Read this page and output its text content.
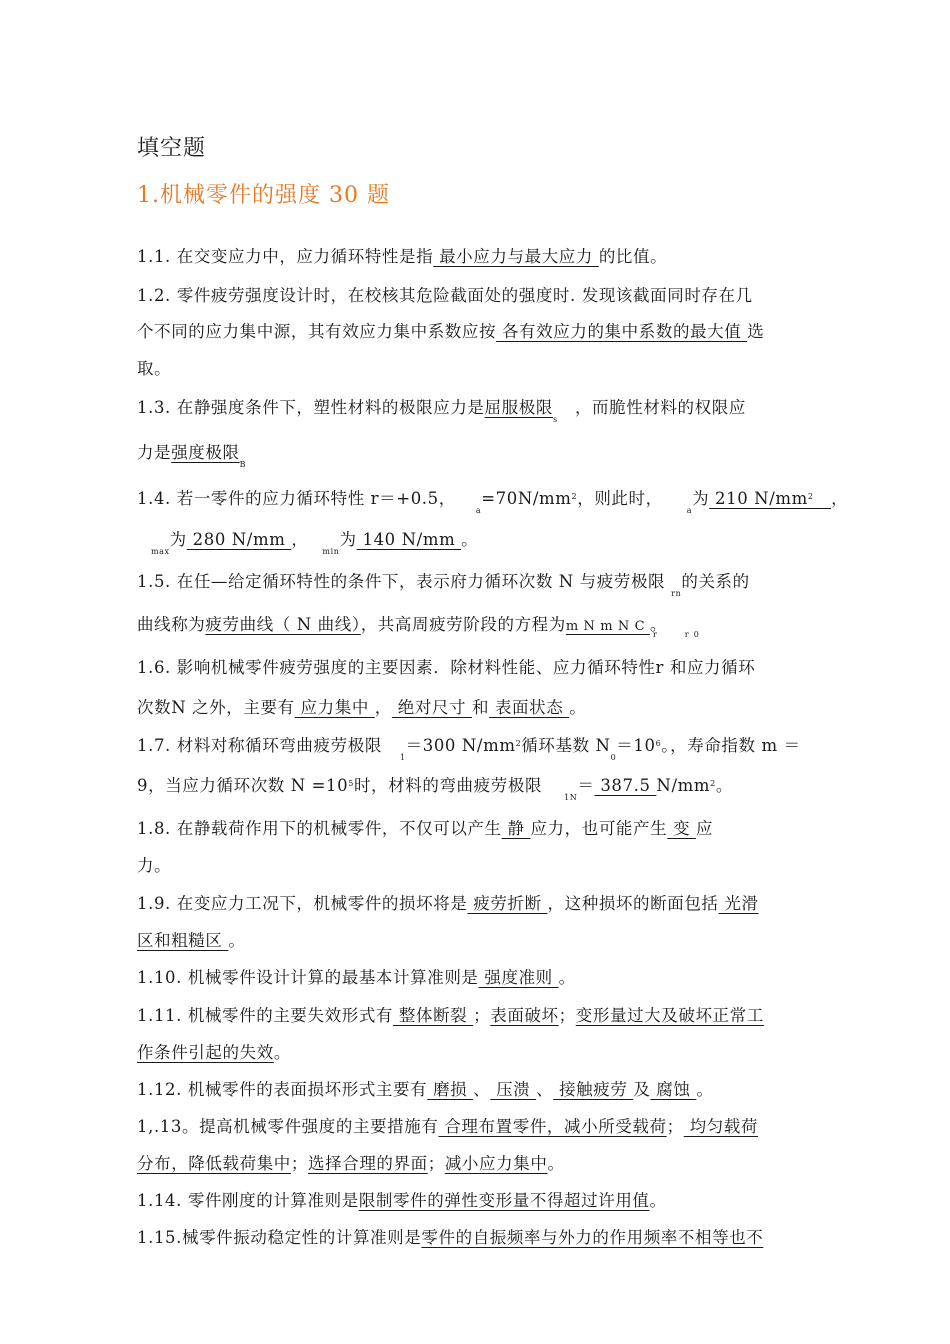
填空题
1.机械零件的强度 30 题
1.1. 在交变应力中，应力循环特性是指 最小应力与最大应力 的比值。
1.2. 零件疲劳强度设计时，在校核其危险截面处的强度时. 发现该截面同时存在几
个不同的应力集中源，其有效应力集中系数应按 各有效应力的集中系数的最大值 选
取。
1.3. 在静强度条件下，塑性材料的极限应力是屈服极限$_s$，而脆性材料的权限应
力是强度极限$_B$
1.4. 若一零件的应力循环特性 r＝+0.5，$_a=70N/mm^2$，则此时，$_a$为 210 $N/mm^2$ ，
$_{max}$为 280 N/mm ，$_{min}$为 140 N/mm 。
1.5. 在任—给定循环特性的条件下，表示府力循环次数 N 与疲劳极限$_{rn}$的关系的
曲线称为疲劳曲线（ N 曲线），共高周疲劳阶段的方程为m N m N C 。
r           r  0
1.6. 影响机械零件疲劳强度的主要因素．除材料性能、应力循环特性r 和应力循环
次数N 之外，主要有 应力集中 ， 绝对尺寸 和 表面状态 。
1.7. 材料对称循环弯曲疲劳极限$_1$＝300 $N/mm^2$循环基数 $N_0=10^6$。，寿命指数 m ＝
9，当应力循环次数 $N =10^5$时，材料的弯曲疲劳极限$_{1N}$＝ 387.5 $N/mm^2$。
1.8. 在静载荷作用下的机械零件，不仅可以产生 静 应力，也可能产生 变 应
力。
1.9. 在变应力工况下，机械零件的损坏将是 疲劳折断 ，这种损坏的断面包括 光滑
区和粗糙区 。
1.10. 机械零件设计计算的最基本计算准则是 强度准则 。
1.11. 机械零件的主要失效形式有 整体断裂 ；表面破坏；变形量过大及破坏正常工
作条件引起的失效。
1.12. 机械零件的表面损坏形式主要有 磨损 、 压溃 、 接触疲劳 及 腐蚀 。
1,.13。提高机械零件强度的主要措施有 合理布置零件，减小所受载荷； 均匀载荷
分布，降低载荷集中；选择合理的界面；减小应力集中。
1.14. 零件刚度的计算准则是限制零件的弹性变形量不得超过许用值。
1.15.械零件振动稳定性的计算准则是零件的自振频率与外力的作用频率不相等也不
